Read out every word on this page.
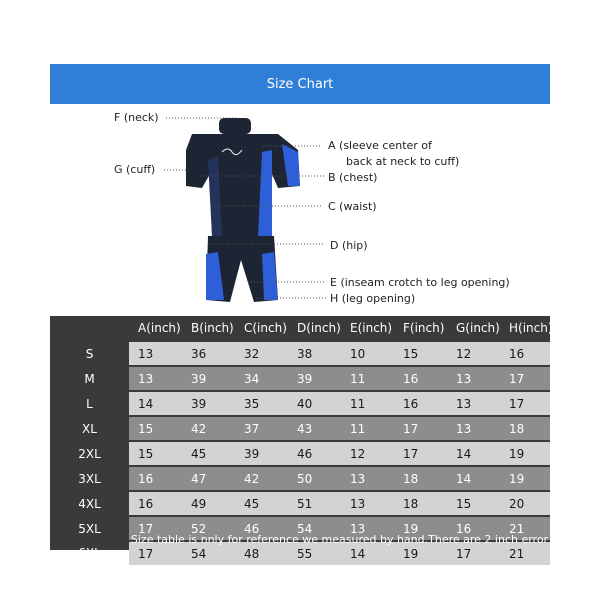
Size Chart
F (neck)
G (cuff)
A (sleeve center of
back at neck to cuff)
B (chest)
C (waist)
D (hip)
E (inseam crotch to leg opening)
H (leg opening)
	A(inch)	B(inch)	C(inch)	D(inch)	E(inch)	F(inch)	G(inch)	H(inch)
S	13	36	32	38	10	15	12	16
M	13	39	34	39	11	16	13	17
L	14	39	35	40	11	16	13	17
XL	15	42	37	43	11	17	13	18
2XL	15	45	39	46	12	17	14	19
3XL	16	47	42	50	13	18	14	19
4XL	16	49	45	51	13	18	15	20
5XL	17	52	46	54	13	19	16	21
6XL	17	54	48	55	14	19	17	21
Size table is nnly for reference we measured by hand.There are 2 inch error
